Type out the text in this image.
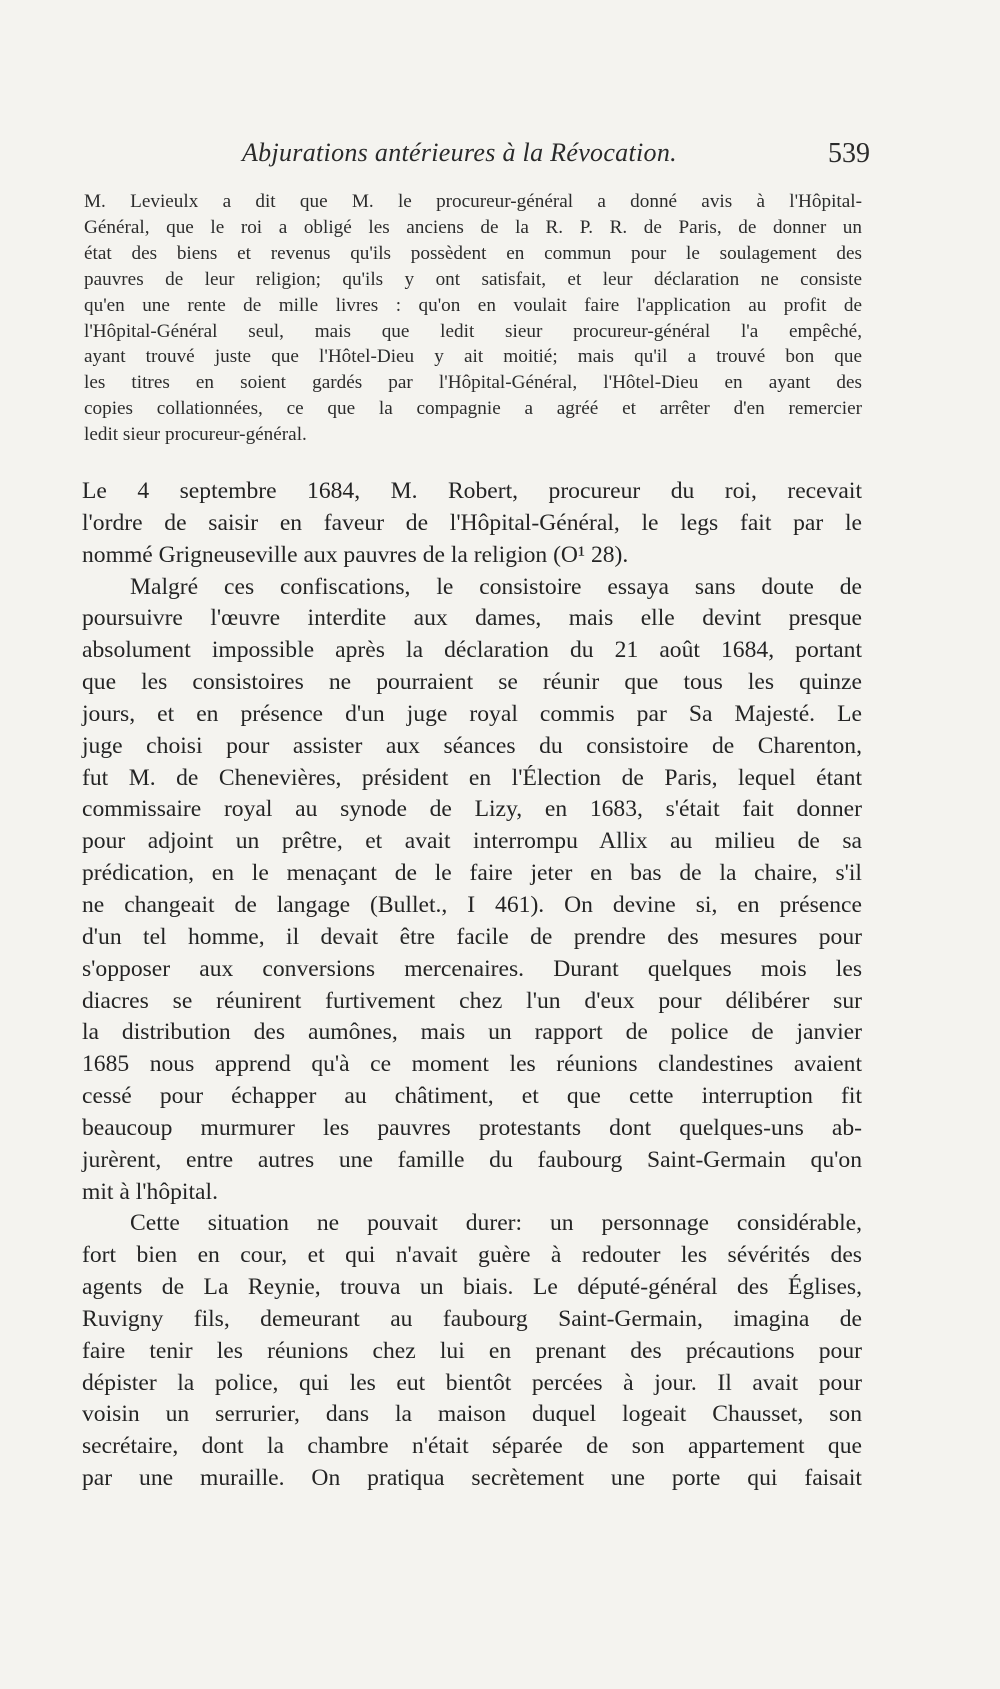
Abjurations antérieures à la Révocation.	539
M. Levieulx a dit que M. le procureur-général a donné avis à l'Hôpital-
Général, que le roi a obligé les anciens de la R. P. R. de Paris, de donner un
état des biens et revenus qu'ils possèdent en commun pour le soulagement des
pauvres de leur religion; qu'ils y ont satisfait, et leur déclaration ne consiste
qu'en une rente de mille livres : qu'on en voulait faire l'application au profit de
l'Hôpital-Général seul, mais que ledit sieur procureur-général l'a empêché,
ayant trouvé juste que l'Hôtel-Dieu y ait moitié; mais qu'il a trouvé bon que
les titres en soient gardés par l'Hôpital-Général, l'Hôtel-Dieu en ayant des
copies collationnées, ce que la compagnie a agréé et arrêter d'en remercier
ledit sieur procureur-général.
Le 4 septembre 1684, M. Robert, procureur du roi, recevait
l'ordre de saisir en faveur de l'Hôpital-Général, le legs fait par le
nommé Grigneuseville aux pauvres de la religion (O¹ 28).
Malgré ces confiscations, le consistoire essaya sans doute de
poursuivre l'œuvre interdite aux dames, mais elle devint presque
absolument impossible après la déclaration du 21 août 1684, portant
que les consistoires ne pourraient se réunir que tous les quinze
jours, et en présence d'un juge royal commis par Sa Majesté. Le
juge choisi pour assister aux séances du consistoire de Charenton,
fut M. de Chenevières, président en l'Élection de Paris, lequel étant
commissaire royal au synode de Lizy, en 1683, s'était fait donner
pour adjoint un prêtre, et avait interrompu Allix au milieu de sa
prédication, en le menaçant de le faire jeter en bas de la chaire, s'il
ne changeait de langage (Bullet., I 461). On devine si, en présence
d'un tel homme, il devait être facile de prendre des mesures pour
s'opposer aux conversions mercenaires. Durant quelques mois les
diacres se réunirent furtivement chez l'un d'eux pour délibérer sur
la distribution des aumônes, mais un rapport de police de janvier
1685 nous apprend qu'à ce moment les réunions clandestines avaient
cessé pour échapper au châtiment, et que cette interruption fit
beaucoup murmurer les pauvres protestants dont quelques-uns ab-
jurèrent, entre autres une famille du faubourg Saint-Germain qu'on
mit à l'hôpital.
Cette situation ne pouvait durer: un personnage considérable,
fort bien en cour, et qui n'avait guère à redouter les sévérités des
agents de La Reynie, trouva un biais. Le député-général des Églises,
Ruvigny fils, demeurant au faubourg Saint-Germain, imagina de
faire tenir les réunions chez lui en prenant des précautions pour
dépister la police, qui les eut bientôt percées à jour. Il avait pour
voisin un serrurier, dans la maison duquel logeait Chausset, son
secrétaire, dont la chambre n'était séparée de son appartement que
par une muraille. On pratiqua secrètement une porte qui faisait
